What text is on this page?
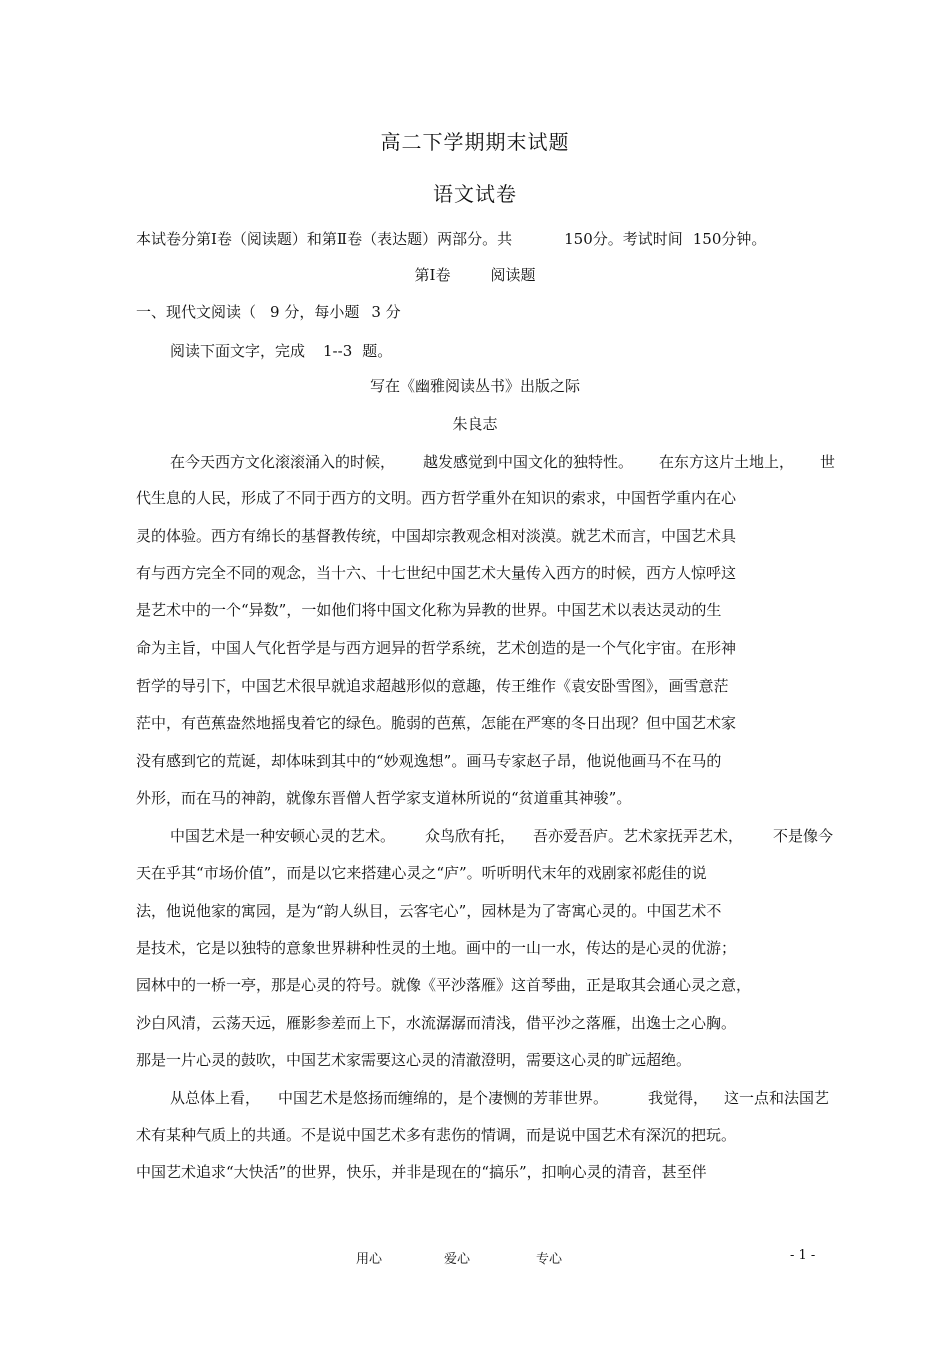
高二下学期期末试题
语文试卷
本试卷分第Ⅰ卷（阅读题）和第Ⅱ卷（表达题）两部分。共	150分。考试时间 150分钟。
第Ⅰ卷	阅读题
一、现代文阅读（ 9 分，每小题 3 分
阅读下面文字，完成 1--3 题。
写在《幽雅阅读丛书》出版之际
朱良志
在今天西方文化滚滚涌入的时候， 越发感觉到中国文化的独特性。 在东方这片土地上， 世
代生息的人民，形成了不同于西方的文明。西方哲学重外在知识的索求，中国哲学重内在心
灵的体验。西方有绵长的基督教传统，中国却宗教观念相对淡漠。就艺术而言，中国艺术具
有与西方完全不同的观念，当十六、十七世纪中国艺术大量传入西方的时候，西方人惊呼这
是艺术中的一个“异数”，一如他们将中国文化称为异教的世界。中国艺术以表达灵动的生
命为主旨，中国人气化哲学是与西方迥异的哲学系统，艺术创造的是一个气化宇宙。在形神
哲学的导引下，中国艺术很早就追求超越形似的意趣，传王维作《袁安卧雪图》，画雪意茫
茫中，有芭蕉盎然地摇曳着它的绿色。脆弱的芭蕉，怎能在严寒的冬日出现？但中国艺术家
没有感到它的荒诞，却体味到其中的“妙观逸想”。画马专家赵子昂，他说他画马不在马的
外形，而在马的神韵，就像东晋僧人哲学家支道林所说的“贫道重其神骏”。
中国艺术是一种安顿心灵的艺术。 众鸟欣有托， 吾亦爱吾庐。艺术家抚弄艺术， 不是像今
天在乎其“市场价值”，而是以它来搭建心灵之“庐”。听听明代末年的戏剧家祁彪佳的说
法，他说他家的寓园，是为“韵人纵目，云客宅心”，园林是为了寄寓心灵的。中国艺术不
是技术，它是以独特的意象世界耕种性灵的土地。画中的一山一水，传达的是心灵的优游；
园林中的一桥一亭，那是心灵的符号。就像《平沙落雁》这首琴曲，正是取其会通心灵之意，
沙白风清，云荡天远，雁影参差而上下，水流潺潺而清浅，借平沙之落雁，出逸士之心胸。
那是一片心灵的鼓吹，中国艺术家需要这心灵的清澈澄明，需要这心灵的旷远超绝。
从总体上看， 中国艺术是悠扬而缠绵的，是个凄恻的芳菲世界。	我觉得， 这一点和法国艺
术有某种气质上的共通。不是说中国艺术多有悲伤的情调，而是说中国艺术有深沉的把玩。
中国艺术追求“大快活”的世界，快乐，并非是现在的“搞乐”，扣响心灵的清音，甚至伴
用心	爱心	专心	- 1 -
